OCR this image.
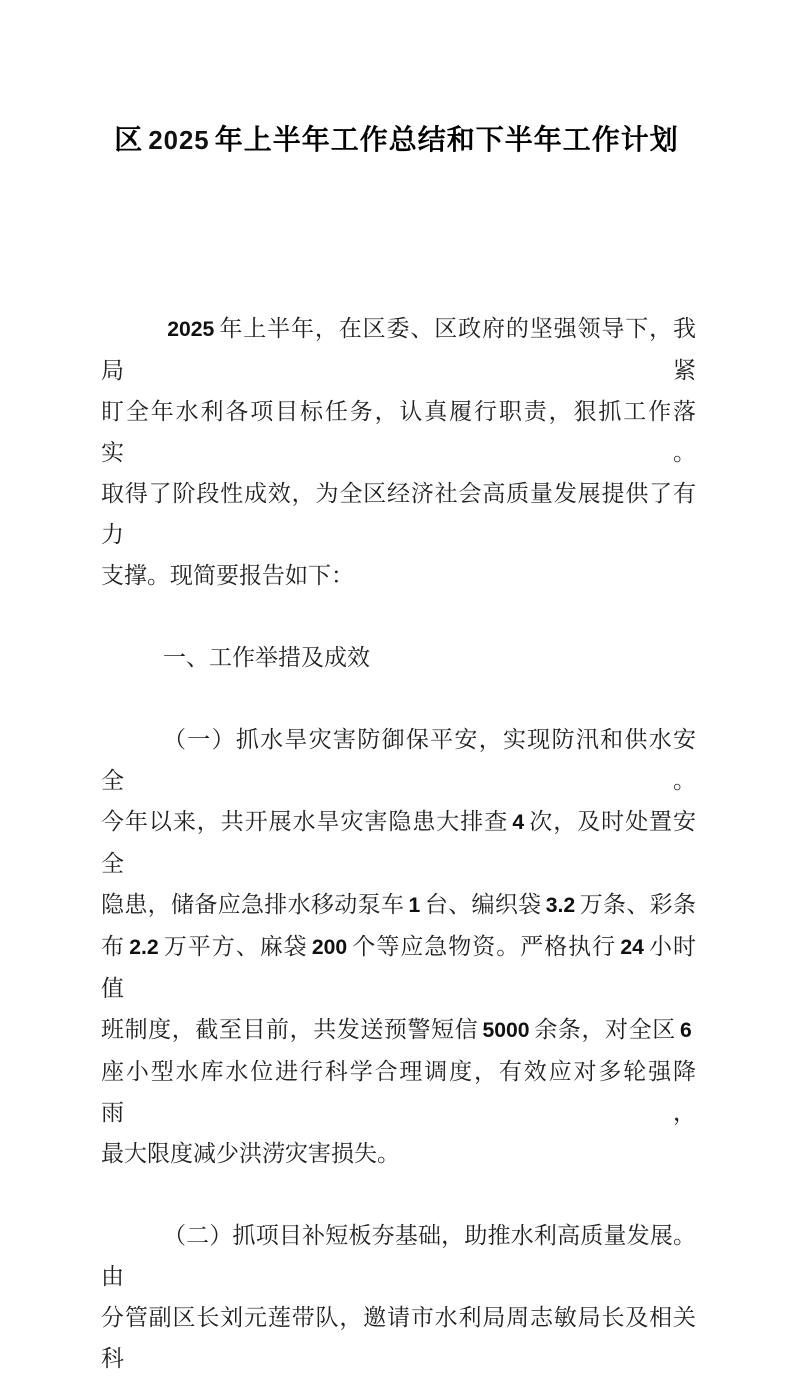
区 2025 年上半年工作总结和下半年工作计划
2025 年上半年，在区委、区政府的坚强领导下，我局紧
盯全年水利各项目标任务，认真履行职责，狠抓工作落实。
取得了阶段性成效，为全区经济社会高质量发展提供了有力
支撑。现简要报告如下：
一、工作举措及成效
（一）抓水旱灾害防御保平安，实现防汛和供水安全。
今年以来，共开展水旱灾害隐患大排查 4 次，及时处置安全
隐患，储备应急排水移动泵车 1 台、编织袋 3.2 万条、彩条
布 2.2 万平方、麻袋 200 个等应急物资。严格执行 24 小时值
班制度，截至目前，共发送预警短信 5000 余条，对全区 6
座小型水库水位进行科学合理调度，有效应对多轮强降雨，
最大限度减少洪涝灾害损失。
（二）抓项目补短板夯基础，助推水利高质量发展。由
分管副区长刘元莲带队，邀请市水利局周志敏局长及相关科
